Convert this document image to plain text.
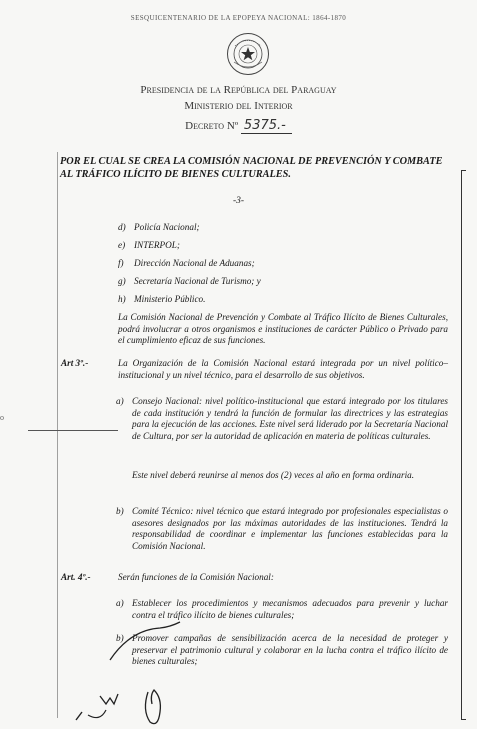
SESQUICENTENARIO DE LA EPOPEYA NACIONAL: 1864-1870
Presidencia de la República del Paraguay
Ministerio del Interior
Decreto Nº 5375.-
POR EL CUAL SE CREA LA COMISIÓN NACIONAL DE PREVENCIÓN Y COMBATE AL TRÁFICO ILÍCITO DE BIENES CULTURALES.
-3-
d) Policía Nacional;
e) INTERPOL;
f) Dirección Nacional de Aduanas;
g) Secretaría Nacional de Turismo; y
h) Ministerio Público.
La Comisión Nacional de Prevención y Combate al Tráfico Ilícito de Bienes Culturales, podrá involucrar a otros organismos e instituciones de carácter Público o Privado para el cumplimiento eficaz de sus funciones.
Art 3º.-	La Organización de la Comisión Nacional estará integrada por un nivel político–institucional y un nivel técnico, para el desarrollo de sus objetivos.
o
a) Consejo Nacional: nivel político-institucional que estará integrado por los titulares de cada institución y tendrá la función de formular las directrices y las estrategias para la ejecución de las acciones. Este nivel será liderado por la Secretaría Nacional de Cultura, por ser la autoridad de aplicación en materia de políticas culturales.
Este nivel deberá reunirse al menos dos (2) veces al año en forma ordinaria.
b) Comité Técnico: nivel técnico que estará integrado por profesionales especialistas o asesores designados por las máximas autoridades de las instituciones. Tendrá la responsabilidad de coordinar e implementar las funciones establecidas para la Comisión Nacional.
Art. 4º.-	Serán funciones de la Comisión Nacional:
a) Establecer los procedimientos y mecanismos adecuados para prevenir y luchar contra el tráfico ilícito de bienes culturales;
b) Promover campañas de sensibilización acerca de la necesidad de proteger y preservar el patrimonio cultural y colaborar en la lucha contra el tráfico ilícito de bienes culturales;
